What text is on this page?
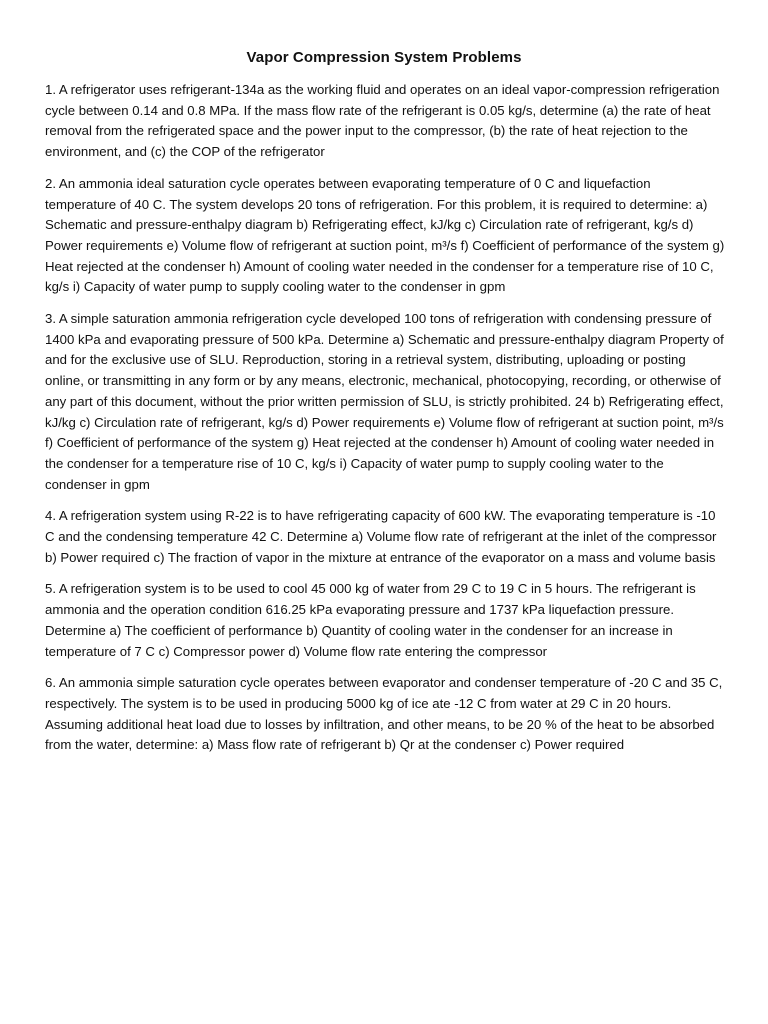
Vapor Compression System Problems

1. A refrigerator uses refrigerant-134a as the working fluid and operates on an ideal vapor-compression refrigeration cycle between 0.14 and 0.8 MPa. If the mass flow rate of the refrigerant is 0.05 kg/s, determine (a) the rate of heat removal from the refrigerated space and the power input to the compressor, (b) the rate of heat rejection to the environment, and (c) the COP of the refrigerator

2. An ammonia ideal saturation cycle operates between evaporating temperature of 0 C and liquefaction temperature of 40 C. The system develops 20 tons of refrigeration. For this problem, it is required to determine: a) Schematic and pressure-enthalpy diagram b) Refrigerating effect, kJ/kg c) Circulation rate of refrigerant, kg/s d) Power requirements e) Volume flow of refrigerant at suction point, m³/s f) Coefficient of performance of the system g) Heat rejected at the condenser h) Amount of cooling water needed in the condenser for a temperature rise of 10 C, kg/s i) Capacity of water pump to supply cooling water to the condenser in gpm

3. A simple saturation ammonia refrigeration cycle developed 100 tons of refrigeration with condensing pressure of 1400 kPa and evaporating pressure of 500 kPa. Determine a) Schematic and pressure-enthalpy diagram Property of and for the exclusive use of SLU. Reproduction, storing in a retrieval system, distributing, uploading or posting online, or transmitting in any form or by any means, electronic, mechanical, photocopying, recording, or otherwise of any part of this document, without the prior written permission of SLU, is strictly prohibited. 24 b) Refrigerating effect, kJ/kg c) Circulation rate of refrigerant, kg/s d) Power requirements e) Volume flow of refrigerant at suction point, m³/s f) Coefficient of performance of the system g) Heat rejected at the condenser h) Amount of cooling water needed in the condenser for a temperature rise of 10 C, kg/s i) Capacity of water pump to supply cooling water to the condenser in gpm

4. A refrigeration system using R-22 is to have refrigerating capacity of 600 kW. The evaporating temperature is -10 C and the condensing temperature 42 C. Determine a) Volume flow rate of refrigerant at the inlet of the compressor b) Power required c) The fraction of vapor in the mixture at entrance of the evaporator on a mass and volume basis

5. A refrigeration system is to be used to cool 45 000 kg of water from 29 C to 19 C in 5 hours. The refrigerant is ammonia and the operation condition 616.25 kPa evaporating pressure and 1737 kPa liquefaction pressure. Determine a) The coefficient of performance b) Quantity of cooling water in the condenser for an increase in temperature of 7 C c) Compressor power d) Volume flow rate entering the compressor

6. An ammonia simple saturation cycle operates between evaporator and condenser temperature of -20 C and 35 C, respectively. The system is to be used in producing 5000 kg of ice ate -12 C from water at 29 C in 20 hours. Assuming additional heat load due to losses by infiltration, and other means, to be 20 % of the heat to be absorbed from the water, determine: a) Mass flow rate of refrigerant b) Qr at the condenser c) Power required
